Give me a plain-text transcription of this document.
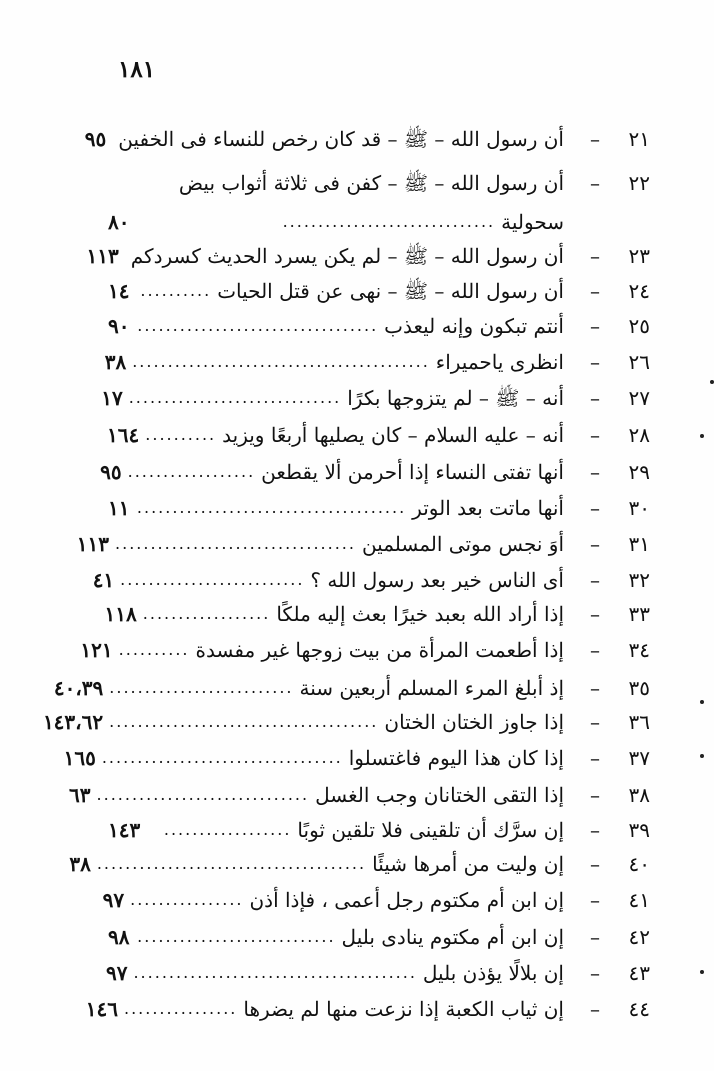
١٨١
٢١
–
أن رسول الله – ﷺ – قد كان رخص للنساء فى الخفين
٩٥
٢٢
–
أن رسول الله – ﷺ – كفن فى ثلاثة أثواب بيض
سحولية
..............................
٨٠
٢٣
–
أن رسول الله – ﷺ – لم يكن يسرد الحديث كسردكم
١١٣
٢٤
–
أن رسول الله – ﷺ – نهى عن قتل الحيات
..........
١٤
٢٥
–
أنتم تبكون وإنه ليعذب
..................................
٩٠
٢٦
–
انظرى ياحميراء
..........................................
٣٨
٢٧
–
أنه – ﷺ – لم يتزوجها بكرًا
..............................
١٧
٢٨
–
أنه – عليه السلام – كان يصليها أربعًا ويزيد
..........
١٦٤
٢٩
–
أنها تفتى النساء إذا أحرمن ألا يقطعن
..................
٩٥
٣٠
–
أنها ماتت بعد الوتر
......................................
١١
٣١
–
أوَ نجس موتى المسلمين
..................................
١١٣
٣٢
–
أى الناس خير بعد رسول الله ؟
..........................
٤١
٣٣
–
إذا أراد الله بعبد خيرًا بعث إليه ملكًا
..................
١١٨
٣٤
–
إذا أطعمت المرأة من بيت زوجها غير مفسدة
..........
١٢١
٣٥
–
إذ أبلغ المرء المسلم أربعين سنة
..........................
٤٠،٣٩
٣٦
–
إذا جاوز الختان الختان
......................................
١٤٣،٦٢
٣٧
–
إذا كان هذا اليوم فاغتسلوا
..................................
١٦٥
٣٨
–
إذا التقى الختانان وجب الغسل
..............................
٦٣
٣٩
–
إن سرَّك أن تلقينى فلا تلقين ثوبًا
..................
١٤٣
٤٠
–
إن وليت من أمرها شيئًا
......................................
٣٨
٤١
–
إن ابن أم مكتوم رجل أعمى ، فإذا أذن
................
٩٧
٤٢
–
إن ابن أم مكتوم ينادى بليل
............................
٩٨
٤٣
–
إن بلالًا يؤذن بليل
........................................
٩٧
٤٤
–
إن ثياب الكعبة إذا نزعت منها لم يضرها
................
١٤٦
